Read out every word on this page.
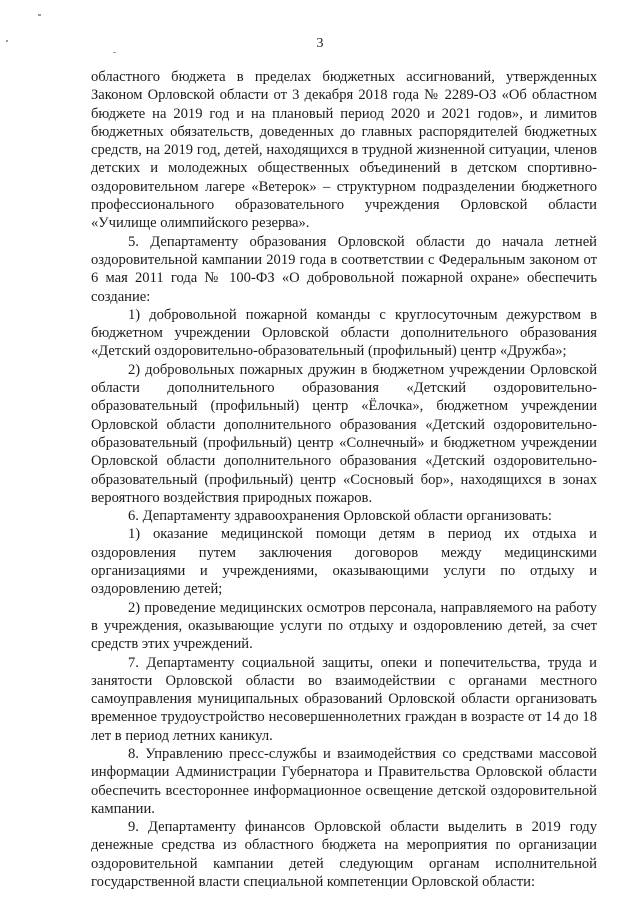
3

областного бюджета в пределах бюджетных ассигнований, утвержденных Законом Орловской области от 3 декабря 2018 года № 2289-ОЗ «Об областном бюджете на 2019 год и на плановый период 2020 и 2021 годов», и лимитов бюджетных обязательств, доведенных до главных распорядителей бюджетных средств, на 2019 год, детей, находящихся в трудной жизненной ситуации, членов детских и молодежных общественных объединений в детском спортивно-оздоровительном лагере «Ветерок» – структурном подразделении бюджетного профессионального образовательного учреждения Орловской области «Училище олимпийского резерва».

5. Департаменту образования Орловской области до начала летней оздоровительной кампании 2019 года в соответствии с Федеральным законом от 6 мая 2011 года № 100-ФЗ «О добровольной пожарной охране» обеспечить создание:

1) добровольной пожарной команды с круглосуточным дежурством в бюджетном учреждении Орловской области дополнительного образования «Детский оздоровительно-образовательный (профильный) центр «Дружба»;

2) добровольных пожарных дружин в бюджетном учреждении Орловской области дополнительного образования «Детский оздоровительно-образовательный (профильный) центр «Ёлочка», бюджетном учреждении Орловской области дополнительного образования «Детский оздоровительно-образовательный (профильный) центр «Солнечный» и бюджетном учреждении Орловской области дополнительного образования «Детский оздоровительно-образовательный (профильный) центр «Сосновый бор», находящихся в зонах вероятного воздействия природных пожаров.

6. Департаменту здравоохранения Орловской области организовать:

1) оказание медицинской помощи детям в период их отдыха и оздоровления путем заключения договоров между медицинскими организациями и учреждениями, оказывающими услуги по отдыху и оздоровлению детей;

2) проведение медицинских осмотров персонала, направляемого на работу в учреждения, оказывающие услуги по отдыху и оздоровлению детей, за счет средств этих учреждений.

7. Департаменту социальной защиты, опеки и попечительства, труда и занятости Орловской области во взаимодействии с органами местного самоуправления муниципальных образований Орловской области организовать временное трудоустройство несовершеннолетних граждан в возрасте от 14 до 18 лет в период летних каникул.

8. Управлению пресс-службы и взаимодействия со средствами массовой информации Администрации Губернатора и Правительства Орловской области обеспечить всестороннее информационное освещение детской оздоровительной кампании.

9. Департаменту финансов Орловской области выделить в 2019 году денежные средства из областного бюджета на мероприятия по организации оздоровительной кампании детей следующим органам исполнительной государственной власти специальной компетенции Орловской области:
